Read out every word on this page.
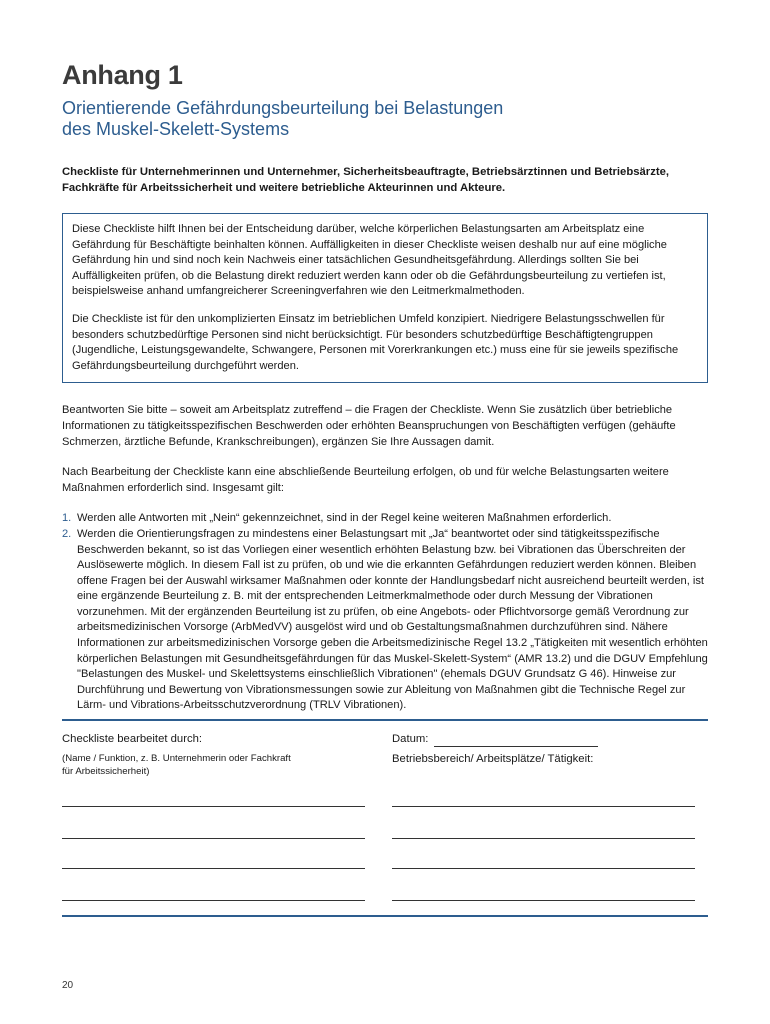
Anhang 1
Orientierende Gefährdungsbeurteilung bei Belastungen
des Muskel-Skelett-Systems
Checkliste für Unternehmerinnen und Unternehmer, Sicherheitsbeauftragte, Betriebsärztinnen und Betriebsärzte, Fachkräfte für Arbeitssicherheit und weitere betriebliche Akteurinnen und Akteure.

Diese Checkliste hilft Ihnen bei der Entscheidung darüber, welche körperlichen Belastungsarten am Arbeitsplatz eine Gefährdung für Beschäftigte beinhalten können. Auffälligkeiten in dieser Checkliste weisen deshalb nur auf eine mögliche Gefährdung hin und sind noch kein Nachweis einer tatsächlichen Gesundheitsgefährdung. Allerdings sollten Sie bei Auffälligkeiten prüfen, ob die Belastung direkt reduziert werden kann oder ob die Gefährdungsbeurteilung zu vertiefen ist, beispielsweise anhand umfangreicherer Screeningverfahren wie den Leitmerkmalmethoden.

Die Checkliste ist für den unkomplizierten Einsatz im betrieblichen Umfeld konzipiert. Niedrigere Belastungsschwellen für besonders schutzbedürftige Personen sind nicht berücksichtigt. Für besonders schutzbedürftige Beschäftigtengruppen (Jugendliche, Leistungsgewandelte, Schwangere, Personen mit Vorerkrankungen etc.) muss eine für sie jeweils spezifische Gefährdungsbeurteilung durchgeführt werden.

Beantworten Sie bitte – soweit am Arbeitsplatz zutreffend – die Fragen der Checkliste. Wenn Sie zusätzlich über betriebliche Informationen zu tätigkeitsspezifischen Beschwerden oder erhöhten Beanspruchungen von Beschäftigten verfügen (gehäufte Schmerzen, ärztliche Befunde, Krankschreibungen), ergänzen Sie Ihre Aussagen damit.
Nach Bearbeitung der Checkliste kann eine abschließende Beurteilung erfolgen, ob und für welche Belastungsarten weitere Maßnahmen erforderlich sind. Insgesamt gilt:
1. Werden alle Antworten mit „Nein“ gekennzeichnet, sind in der Regel keine weiteren Maßnahmen erforderlich.
2. Werden die Orientierungsfragen zu mindestens einer Belastungsart mit „Ja“ beantwortet oder sind tätigkeitsspezifische Beschwerden bekannt, so ist das Vorliegen einer wesentlich erhöhten Belastung bzw. bei Vibrationen das Überschreiten der Auslösewerte möglich. In diesem Fall ist zu prüfen, ob und wie die erkannten Gefährdungen reduziert werden können. Bleiben offene Fragen bei der Auswahl wirksamer Maßnahmen oder konnte der Handlungsbedarf nicht ausreichend beurteilt werden, ist eine ergänzende Beurteilung z. B. mit der entsprechenden Leitmerkmalmethode oder durch Messung der Vibrationen vorzunehmen. Mit der ergänzenden Beurteilung ist zu prüfen, ob eine Angebots- oder Pflichtvorsorge gemäß Verordnung zur arbeitsmedizinischen Vorsorge (ArbMedVV) ausgelöst wird und ob Gestaltungsmaßnahmen durchzuführen sind. Nähere Informationen zur arbeitsmedizinischen Vorsorge geben die Arbeitsmedizinische Regel 13.2 „Tätigkeiten mit wesentlich erhöhten körperlichen Belastungen mit Gesundheitsgefährdungen für das Muskel-Skelett-System“ (AMR 13.2) und die DGUV Empfehlung "Belastungen des Muskel- und Skelettsystems einschließlich Vibrationen" (ehemals DGUV Grundsatz G 46). Hinweise zur Durchführung und Bewertung von Vibrationsmessungen sowie zur Ableitung von Maßnahmen gibt die Technische Regel zur Lärm- und Vibrations-Arbeitsschutzverordnung (TRLV Vibrationen).
Checkliste bearbeitet durch:
(Name / Funktion, z. B. Unternehmerin oder Fachkraft für Arbeitssicherheit)
Datum:
Betriebsbereich/ Arbeitsplätze/ Tätigkeit:
20
